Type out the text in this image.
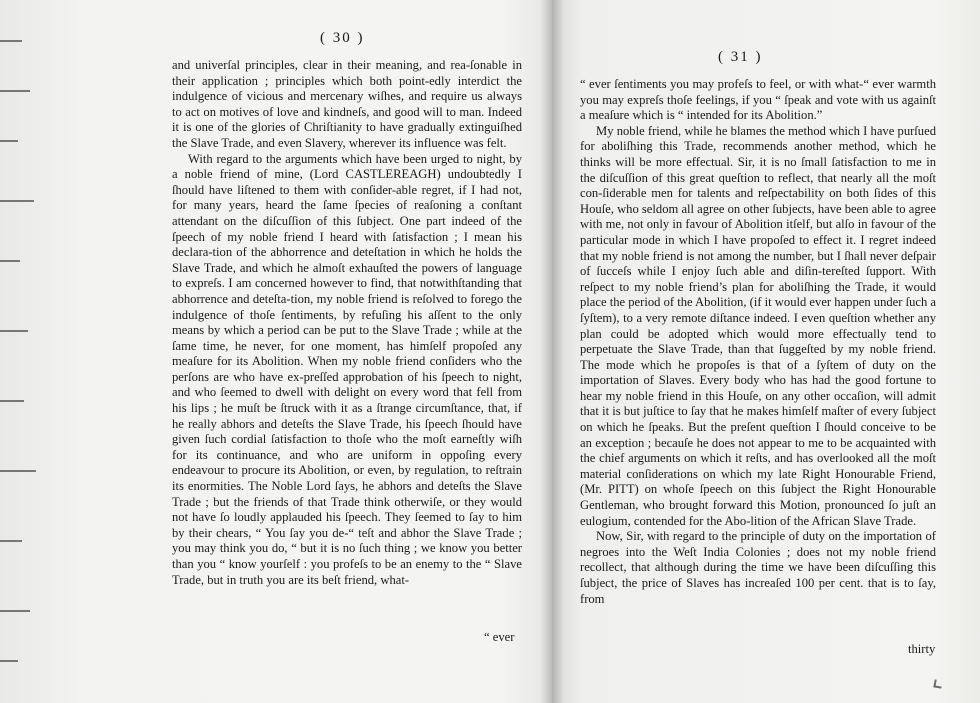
( 30 )

and univerſal principles, clear in their meaning, and rea-ſonable in their application ; principles which both point-edly interdict the indulgence of vicious and mercenary wiſhes, and require us always to act on motives of love and kindneſs, and good will to man. Indeed it is one of the glories of Chriſtianity to have gradually extinguiſhed the Slave Trade, and even Slavery, wherever its influence was felt.

With regard to the arguments which have been urged to night, by a noble friend of mine, (Lord CASTLEREAGH) undoubtedly I ſhould have liſtened to them with conſider-able regret, if I had not, for many years, heard the ſame ſpecies of reaſoning a conſtant attendant on the diſcuſſion of this ſubject. One part indeed of the ſpeech of my noble friend I heard with ſatisfaction ; I mean his declara-tion of the abhorrence and deteſtation in which he holds the Slave Trade, and which he almoſt exhauſted the powers of language to expreſs. I am concerned however to find, that notwithſtanding that abhorrence and deteſta-tion, my noble friend is reſolved to forego the indulgence of thoſe ſentiments, by refuſing his aſſent to the only means by which a period can be put to the Slave Trade ; while at the ſame time, he never, for one moment, has himſelf propoſed any meaſure for its Abolition. When my noble friend conſiders who the perſons are who have ex-preſſed approbation of his ſpeech to night, and who ſeemed to dwell with delight on every word that fell from his lips ; he muſt be ſtruck with it as a ſtrange circumſtance, that, if he really abhors and deteſts the Slave Trade, his ſpeech ſhould have given ſuch cordial ſatisfaction to thoſe who the moſt earneſtly wiſh for its continuance, and who are uniform in oppoſing every endeavour to procure its Abolition, or even, by regulation, to reſtrain its enormities. The Noble Lord ſays, he abhors and deteſts the Slave Trade ; but the friends of that Trade think otherwiſe, or they would not have ſo loudly applauded his ſpeech. They ſeemed to ſay to him by their chears, “ You ſay you de-“ teſt and abhor the Slave Trade ; you may think you do, “ but it is no ſuch thing ; we know you better than you “ know yourſelf : you profeſs to be an enemy to the “ Slave Trade, but in truth you are its beſt friend, what-

“ ever
( 31 )

“ ever ſentiments you may profeſs to feel, or with what-“ ever warmth you may expreſs thoſe feelings, if you “ ſpeak and vote with us againſt a meaſure which is “ intended for its Abolition.”

My noble friend, while he blames the method which I have purſued for aboliſhing this Trade, recommends another method, which he thinks will be more effectual. Sir, it is no ſmall ſatisfaction to me in the diſcuſſion of this great queſtion to reflect, that nearly all the moſt con-ſiderable men for talents and reſpectability on both ſides of this Houſe, who seldom all agree on other ſubjects, have been able to agree with me, not only in favour of Abolition itſelf, but alſo in favour of the particular mode in which I have propoſed to effect it. I regret indeed that my noble friend is not among the number, but I ſhall never deſpair of ſucceſs while I enjoy ſuch able and diſin-tereſted ſupport. With reſpect to my noble friend’s plan for aboliſhing the Trade, it would place the period of the Abolition, (if it would ever happen under ſuch a ſyſtem), to a very remote diſtance indeed. I even queſtion whether any plan could be adopted which would more effectually tend to perpetuate the Slave Trade, than that ſuggeſted by my noble friend. The mode which he propoſes is that of a ſyſtem of duty on the importation of Slaves. Every body who has had the good fortune to hear my noble friend in this Houſe, on any other occaſion, will admit that it is but juſtice to ſay that he makes himſelf maſter of every ſubject on which he ſpeaks. But the preſent queſtion I ſhould conceive to be an exception ; becauſe he does not appear to me to be acquainted with the chief arguments on which it reſts, and has overlooked all the moſt material conſiderations on which my late Right Honourable Friend, (Mr. PITT) on whoſe ſpeech on this ſubject the Right Honourable Gentleman, who brought forward this Motion, pronounced ſo juſt an eulogium, contended for the Abo-lition of the African Slave Trade.

Now, Sir, with regard to the principle of duty on the importation of negroes into the Weſt India Colonies ; does not my noble friend recollect, that although during the time we have been diſcuſſing this ſubject, the price of Slaves has increaſed 100 per cent. that is to ſay, from

thirty
